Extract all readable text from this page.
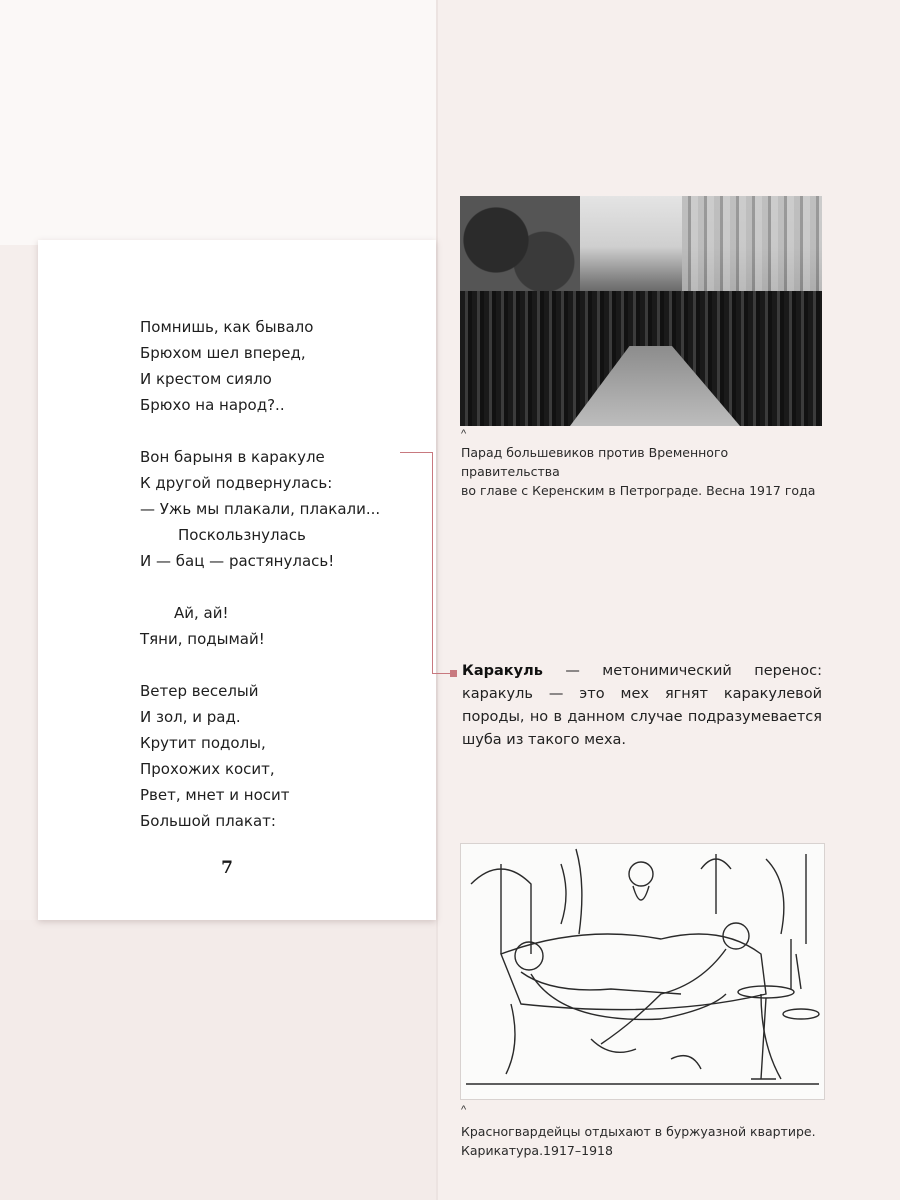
Помнишь, как бывало
Брюхом шел вперед,
И крестом сияло
Брюхо на народ?..
Вон барыня в каракуле
К другой подвернулась:
— Ужь мы плакали, плакали...
Поскользнулась
И — бац — растянулась!
Ай, ай!
Тяни, подымай!
Ветер веселый
И зол, и рад.
Крутит подолы,
Прохожих косит,
Рвет, мнет и носит
Большой плакат:
7
^
Парад большевиков против Временного правительства
во главе с Керенским в Петрограде. Весна 1917 года
Каракуль — метонимический перенос: каракуль — это мех ягнят каракулевой породы, но в данном случае подразумевается шуба из такого меха.
^
Красногвардейцы отдыхают в буржуазной квартире.
Карикатура.1917–1918
